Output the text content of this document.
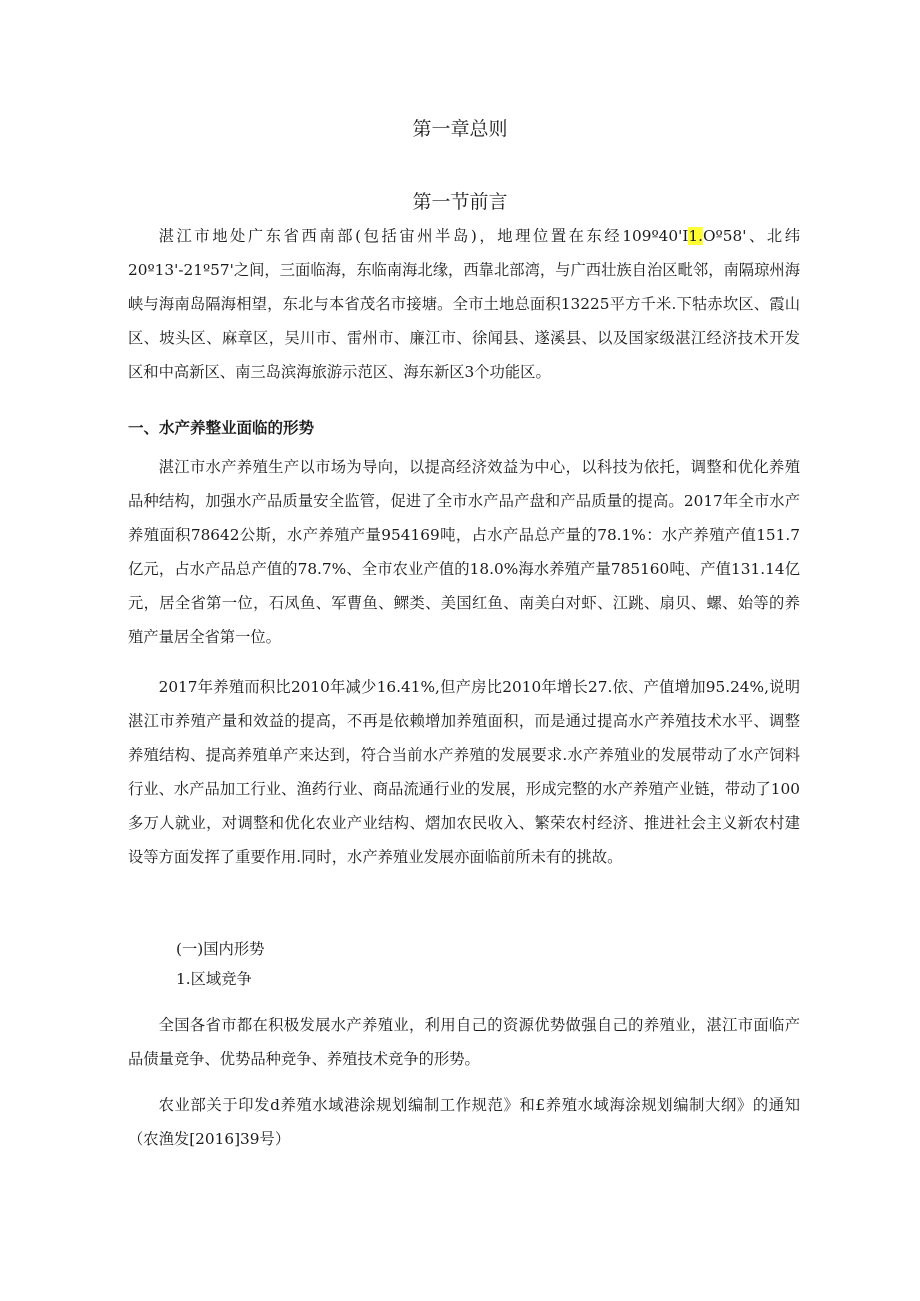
第一章总则
第一节前言

湛江市地处广东省西南部(包括宙州半岛)，地理位置在东经109º40'I1.Oº58'、北纬20º13'-21º57'之间，三面临海，东临南海北缘，西靠北部湾，与广西壮族自治区毗邻，南隔琼州海峡与海南岛隔海相望，东北与本省茂名市接塘。全市土地总面积13225平方千米.下牯赤坎区、霞山区、坡头区、麻章区，吴川市、雷州市、廉江市、徐闻县、遂溪县、以及国家级湛江经济技术开发区和中高新区、南三岛滨海旅游示范区、海东新区3个功能区。

一、水产养整业面临的形势

湛江市水产养殖生产以市场为导向，以提高经济效益为中心，以科技为依托，调整和优化养殖品种结构，加强水产品质量安全监管，促进了全市水产品产盘和产品质量的提高。2017年全市水产养殖面积78642公斯，水产养殖产量954169吨，占水产品总产量的78.1%：水产养殖产值151.7亿元，占水产品总产值的78.7%、全市农业产值的18.0%海水养殖产量785160吨、产值131.14亿元，居全省第一位，石凤鱼、军曹鱼、鳏类、美国红鱼、南美白对虾、江跳、扇贝、螺、始等的养殖产量居全省第一位。

2017年养殖而积比2010年减少16.41%,但产房比2010年增长27.依、产值增加95.24%,说明湛江市养殖产量和效益的提高，不再是依赖增加养殖面积，而是通过提高水产养殖技术水平、调整养殖结构、提高养殖单产来达到，符合当前水产养殖的发展要求.水产养殖业的发展带动了水产饲料行业、水产品加工行业、渔药行业、商品流通行业的发展，形成完整的水产养殖产业链，带动了100多万人就业，对调整和优化农业产业结构、熠加农民收入、繁荣农村经济、推进社会主义新农村建设等方面发挥了重要作用.同时，水产养殖业发展亦面临前所未有的挑故。

(一)国内形势
1.区域竞争

全国各省市都在积极发展水产养殖业，利用自己的资源优势做强自己的养殖业，湛江市面临产品债量竞争、优势品种竞争、养殖技术竞争的形势。

农业部关于印发d养殖水域港涂规划编制工作规范》和£养殖水域海涂规划编制大纲》的通知（农渔发[2016]39号）
